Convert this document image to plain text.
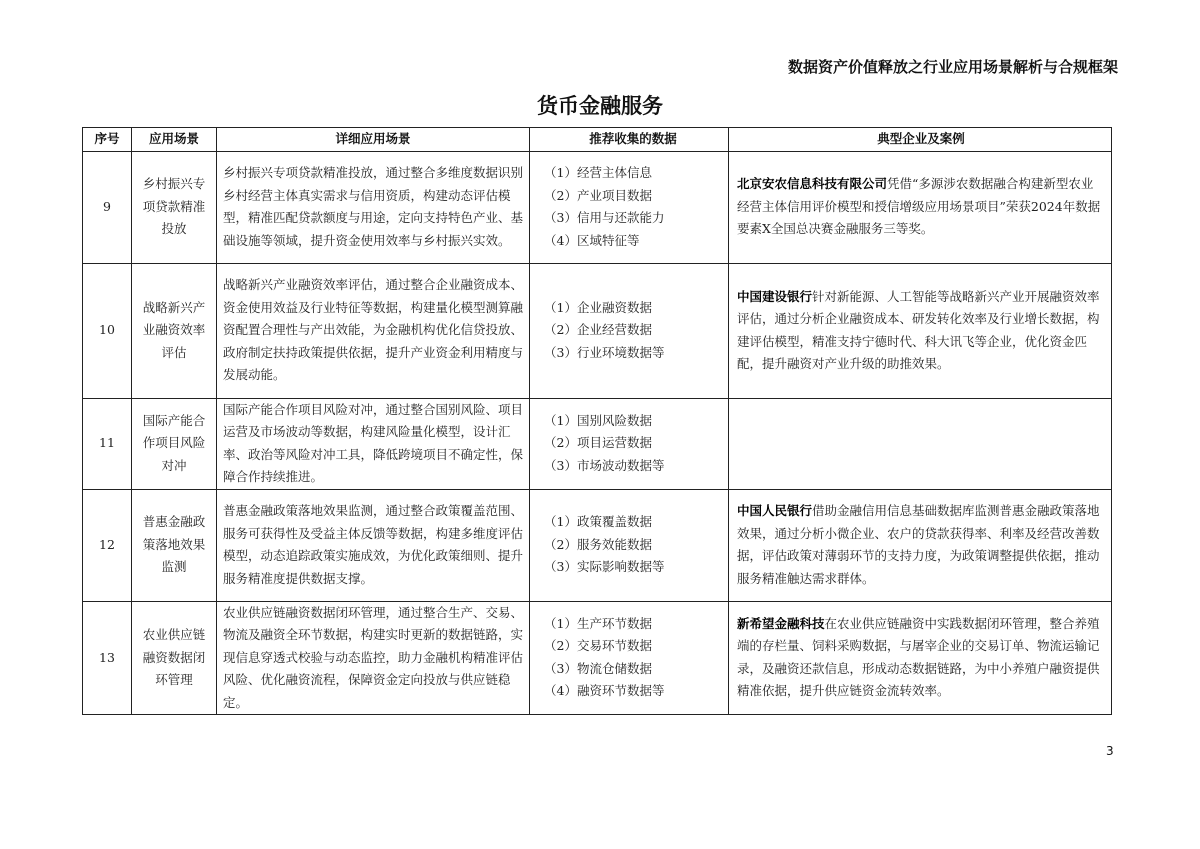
数据资产价值释放之行业应用场景解析与合规框架
货币金融服务
序号	应用场景	详细应用场景	推荐收集的数据	典型企业及案例
9	乡村振兴专项贷款精准投放	乡村振兴专项贷款精准投放，通过整合多维度数据识别乡村经营主体真实需求与信用资质，构建动态评估模型，精准匹配贷款额度与用途，定向支持特色产业、基础设施等领域，提升资金使用效率与乡村振兴实效。	（1）经营主体信息
（2）产业项目数据
（3）信用与还款能力
（4）区域特征等	北京安农信息科技有限公司凭借“多源涉农数据融合构建新型农业经营主体信用评价模型和授信增级应用场景项目”荣获2024年数据要素X全国总决赛金融服务三等奖。
10	战略新兴产业融资效率评估	战略新兴产业融资效率评估，通过整合企业融资成本、资金使用效益及行业特征等数据，构建量化模型测算融资配置合理性与产出效能，为金融机构优化信贷投放、政府制定扶持政策提供依据，提升产业资金利用精度与发展动能。	（1）企业融资数据
（2）企业经营数据
（3）行业环境数据等	中国建设银行针对新能源、人工智能等战略新兴产业开展融资效率评估，通过分析企业融资成本、研发转化效率及行业增长数据，构建评估模型，精准支持宁德时代、科大讯飞等企业，优化资金匹配，提升融资对产业升级的助推效果。
11	国际产能合作项目风险对冲	国际产能合作项目风险对冲，通过整合国别风险、项目运营及市场波动等数据，构建风险量化模型，设计汇率、政治等风险对冲工具，降低跨境项目不确定性，保障合作持续推进。	（1）国别风险数据
（2）项目运营数据
（3）市场波动数据等	

12	普惠金融政策落地效果监测	普惠金融政策落地效果监测，通过整合政策覆盖范围、服务可获得性及受益主体反馈等数据，构建多维度评估模型，动态追踪政策实施成效，为优化政策细则、提升服务精准度提供数据支撑。	（1）政策覆盖数据
（2）服务效能数据
（3）实际影响数据等	中国人民银行借助金融信用信息基础数据库监测普惠金融政策落地效果，通过分析小微企业、农户的贷款获得率、利率及经营改善数据，评估政策对薄弱环节的支持力度，为政策调整提供依据，推动服务精准触达需求群体。
13	农业供应链融资数据闭环管理	农业供应链融资数据闭环管理，通过整合生产、交易、物流及融资全环节数据，构建实时更新的数据链路，实现信息穿透式校验与动态监控，助力金融机构精准评估风险、优化融资流程，保障资金定向投放与供应链稳定。	（1）生产环节数据
（2）交易环节数据
（3）物流仓储数据
（4）融资环节数据等	新希望金融科技在农业供应链融资中实践数据闭环管理，整合养殖端的存栏量、饲料采购数据，与屠宰企业的交易订单、物流运输记录，及融资还款信息，形成动态数据链路，为中小养殖户融资提供精准依据，提升供应链资金流转效率。
3
